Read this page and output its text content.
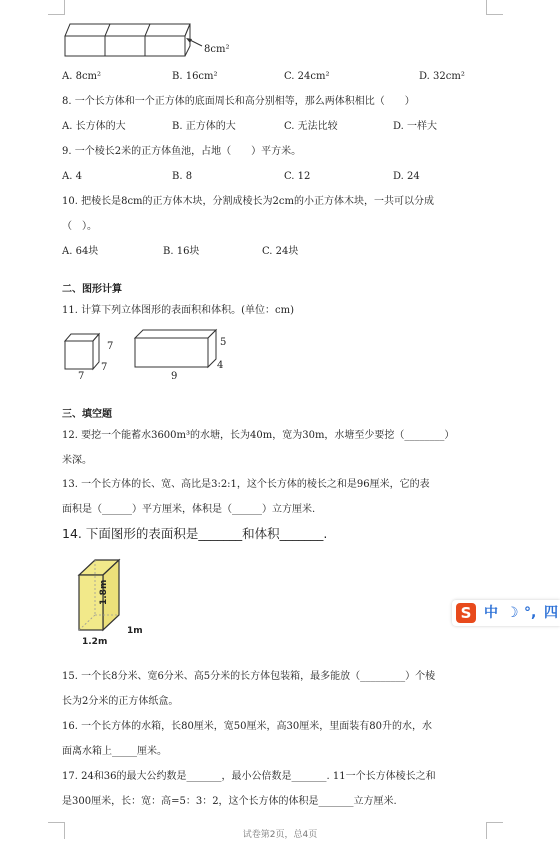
8cm²
A. 8cm²	B. 16cm²	C. 24cm²	D. 32cm²
8. 一个长方体和一个正方体的底面周长和高分别相等，那么两体积相比（　　）
A. 长方体的大	B. 正方体的大	C. 无法比较	D. 一样大
9. 一个棱长2米的正方体鱼池，占地（　　）平方米。
A. 4	B. 8	C. 12	D. 24
10. 把棱长是8cm的正方体木块，分割成棱长为2cm的小正方体木块，一共可以分成
（　）。
A. 64块	B. 16块	C. 24块
二、图形计算
11. 计算下列立体图形的表面积和体积。(单位：cm)
7
7
7
5
4
9
三、填空题
12. 要挖一个能蓄水3600m³的水塘，长为40m，宽为30m，水塘至少要挖（________）
米深。
13. 一个长方体的长、宽、高比是3:2:1，这个长方体的棱长之和是96厘米，它的表
面积是（______）平方厘米，体积是（______）立方厘米.
14. 下面图形的表面积是_______和体积_______.
1.8m
1m
1.2m
15. 一个长8分米、宽6分米、高5分米的长方体包装箱，最多能放（_________）个棱
长为2分米的正方体纸盒。
16. 一个长方体的水箱，长80厘米，宽50厘米，高30厘米，里面装有80升的水，水
面离水箱上_____厘米。
17. 24和36的最大公约数是_______，最小公倍数是_______. 11一个长方体棱长之和
是300厘米，长：宽：高=5：3：2，这个长方体的体积是_______立方厘米.
试卷第2页，总4页
S 中 ☽ °, 四
